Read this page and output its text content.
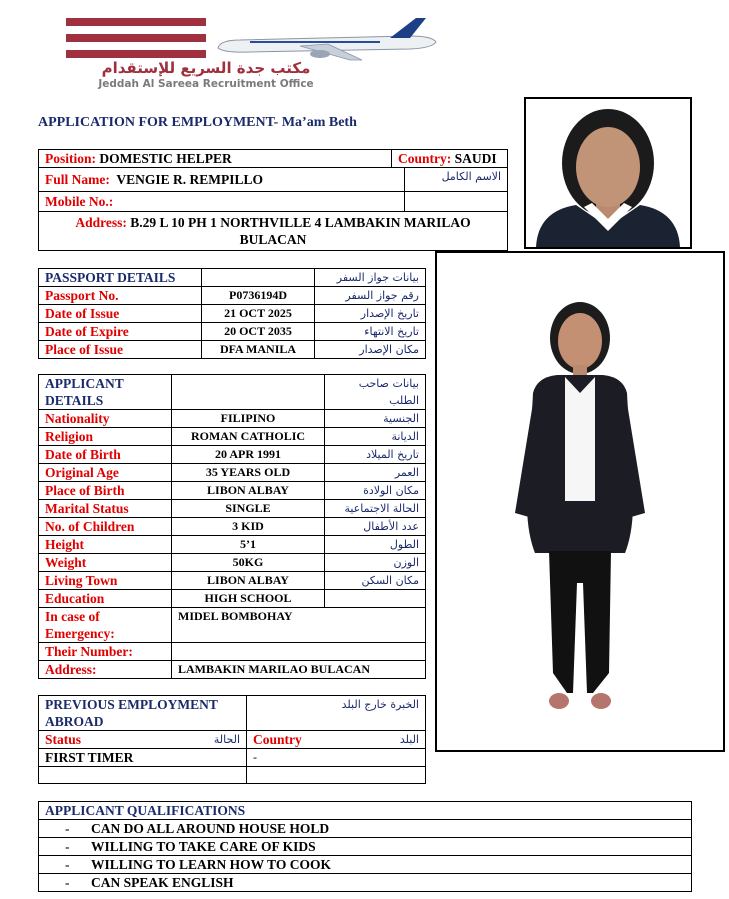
مكتب جدة السريع للإستقدام
Jeddah Al Sareea Recruitment Office
APPLICATION FOR EMPLOYMENT- Ma’am Beth
Position: DOMESTIC HELPER	Country: SAUDI	
Full Name: VENGIE R. REMPILLO		الاسم الكامل
Mobile No.:		
Address: B.29 L 10 PH 1 NORTHVILLE 4 LAMBAKIN MARILAO BULACAN		
PASSPORT DETAILS		بيانات جواز السفر
Passport No.	P0736194D	رقم جواز السفر
Date of Issue	21 OCT 2025	تاريخ الإصدار
Date of Expire	20 OCT 2035	تاريخ الانتهاء
Place of Issue	DFA MANILA	مكان الإصدار
APPLICANT DETAILS		بيانات صاحب الطلب
Nationality	FILIPINO	الجنسية
Religion	ROMAN CATHOLIC	الديانة
Date of Birth	20 APR 1991	تاريخ الميلاد
Original Age	35 YEARS OLD	العمر
Place of Birth	LIBON ALBAY	مكان الولادة
Marital Status	SINGLE	الحالة الاجتماعية
No. of Children	3 KID	عدد الأطفال
Height	5’1	الطول
Weight	50KG	الوزن
Living Town	LIBON ALBAY	مكان السكن
Education	HIGH SCHOOL	
In case of Emergency:	MIDEL BOMBOHAY	
Their Number:		
Address:	LAMBAKIN MARILAO BULACAN	
PREVIOUS EMPLOYMENT ABROAD	الخبرة خارج البلد
Status الحالة	Country البلد

FIRST TIMER	-

APPLICANT QUALIFICATIONS
- CAN DO ALL AROUND HOUSE HOLD
- WILLING TO TAKE CARE OF KIDS
- WILLING TO LEARN HOW TO COOK
- CAN SPEAK ENGLISH
